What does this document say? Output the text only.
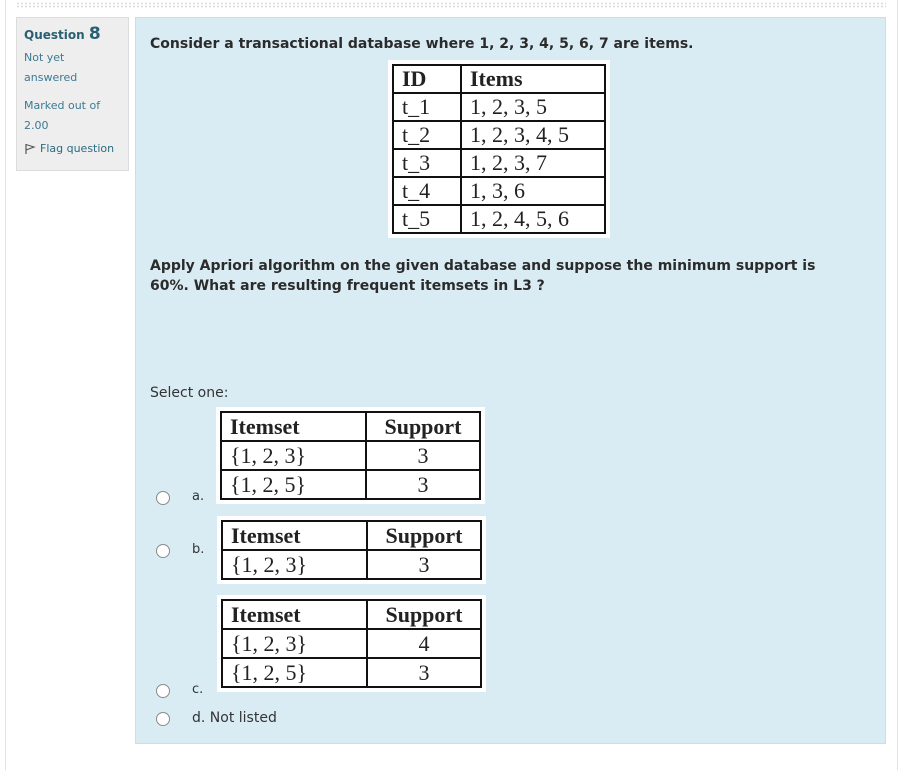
Question 8
Not yet
answered
Marked out of
2.00
Flag question
Consider a transactional database where 1, 2, 3, 4, 5, 6, 7 are items.
ID	Items
t_1	1, 2, 3, 5
t_2	1, 2, 3, 4, 5
t_3	1, 2, 3, 7
t_4	1, 3, 6
t_5	1, 2, 4, 5, 6
Apply Apriori algorithm on the given database and suppose the minimum support is 60%. What are resulting frequent itemsets in L3 ?
Select one:
a.
Itemset	Support
{1, 2, 3}	3
{1, 2, 5}	3
b.
Itemset	Support
{1, 2, 3}	3
c.
Itemset	Support
{1, 2, 3}	4
{1, 2, 5}	3
d. Not listed
